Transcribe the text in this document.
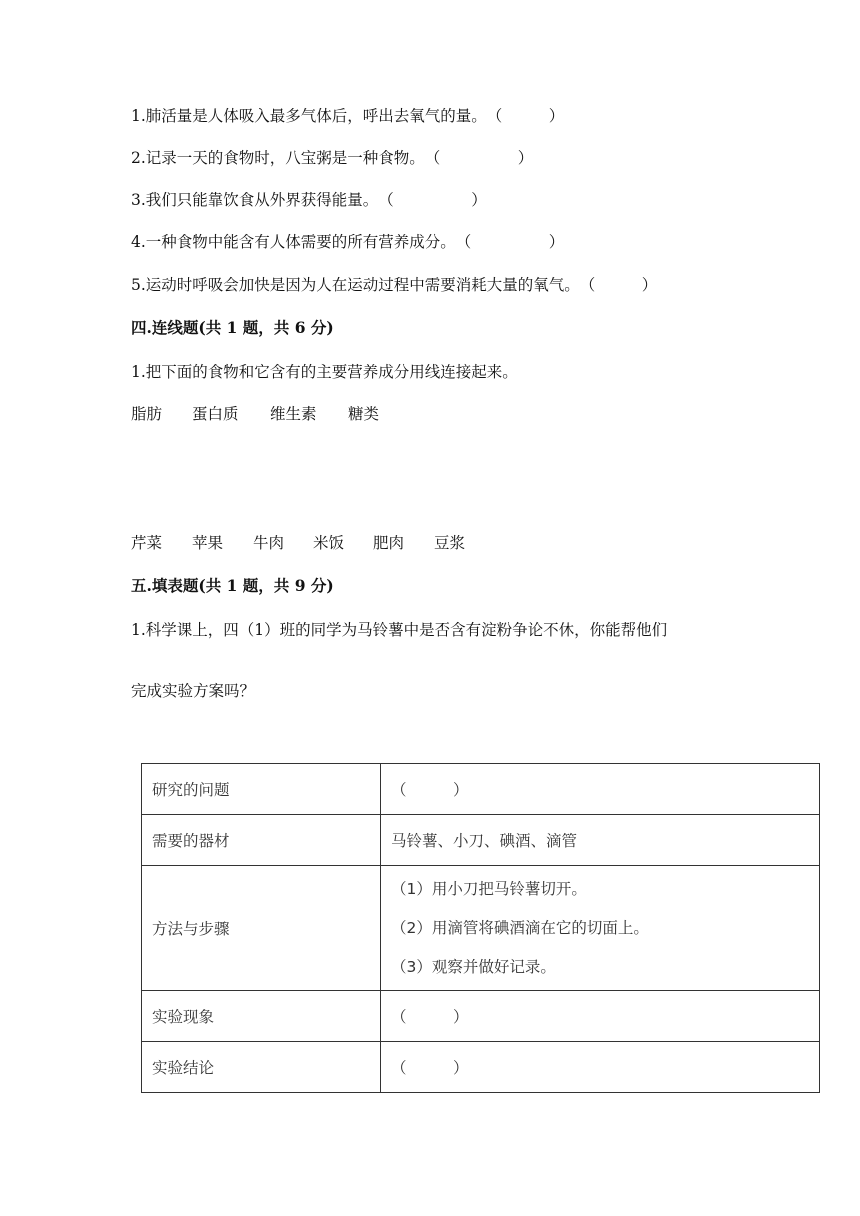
1.肺活量是人体吸入最多气体后，呼出去氧气的量。（　　　）
2.记录一天的食物时，八宝粥是一种食物。（　　　　　）
3.我们只能靠饮食从外界获得能量。（　　　　　）
4.一种食物中能含有人体需要的所有营养成分。（　　　　　）
5.运动时呼吸会加快是因为人在运动过程中需要消耗大量的氧气。（　　　）
四.连线题(共 1 题，共 6 分)
1.把下面的食物和它含有的主要营养成分用线连接起来。
脂肪 蛋白质 维生素 糖类
芹菜 苹果 牛肉 米饭 肥肉 豆浆
五.填表题(共 1 题，共 9 分)
1.科学课上，四（1）班的同学为马铃薯中是否含有淀粉争论不休，你能帮他们
完成实验方案吗？
研究的问题	（　　　）
需要的器材	马铃薯、小刀、碘酒、滴管
方法与步骤	（1）用小刀把马铃薯切开。
（2）用滴管将碘酒滴在它的切面上。
（3）观察并做好记录。

实验现象	（　　　）
实验结论	（　　　）
